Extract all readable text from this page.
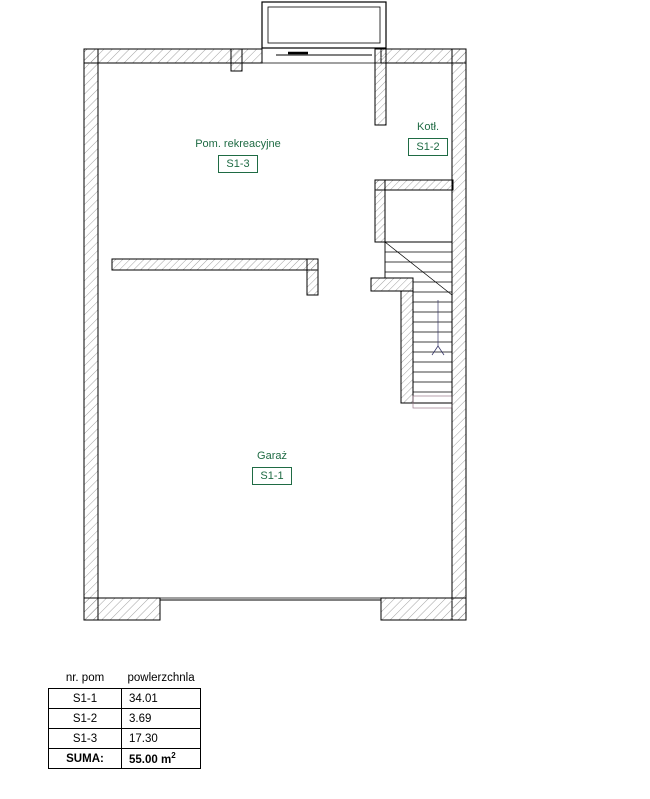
Pom. rekreacyjne
S1-3
Kotł.
S1-2
Garaż
S1-1
nr. pom	powlerzchnla
S1-1	34.01
S1-2	3.69
S1-3	17.30
SUMA:	55.00 $m^2$
